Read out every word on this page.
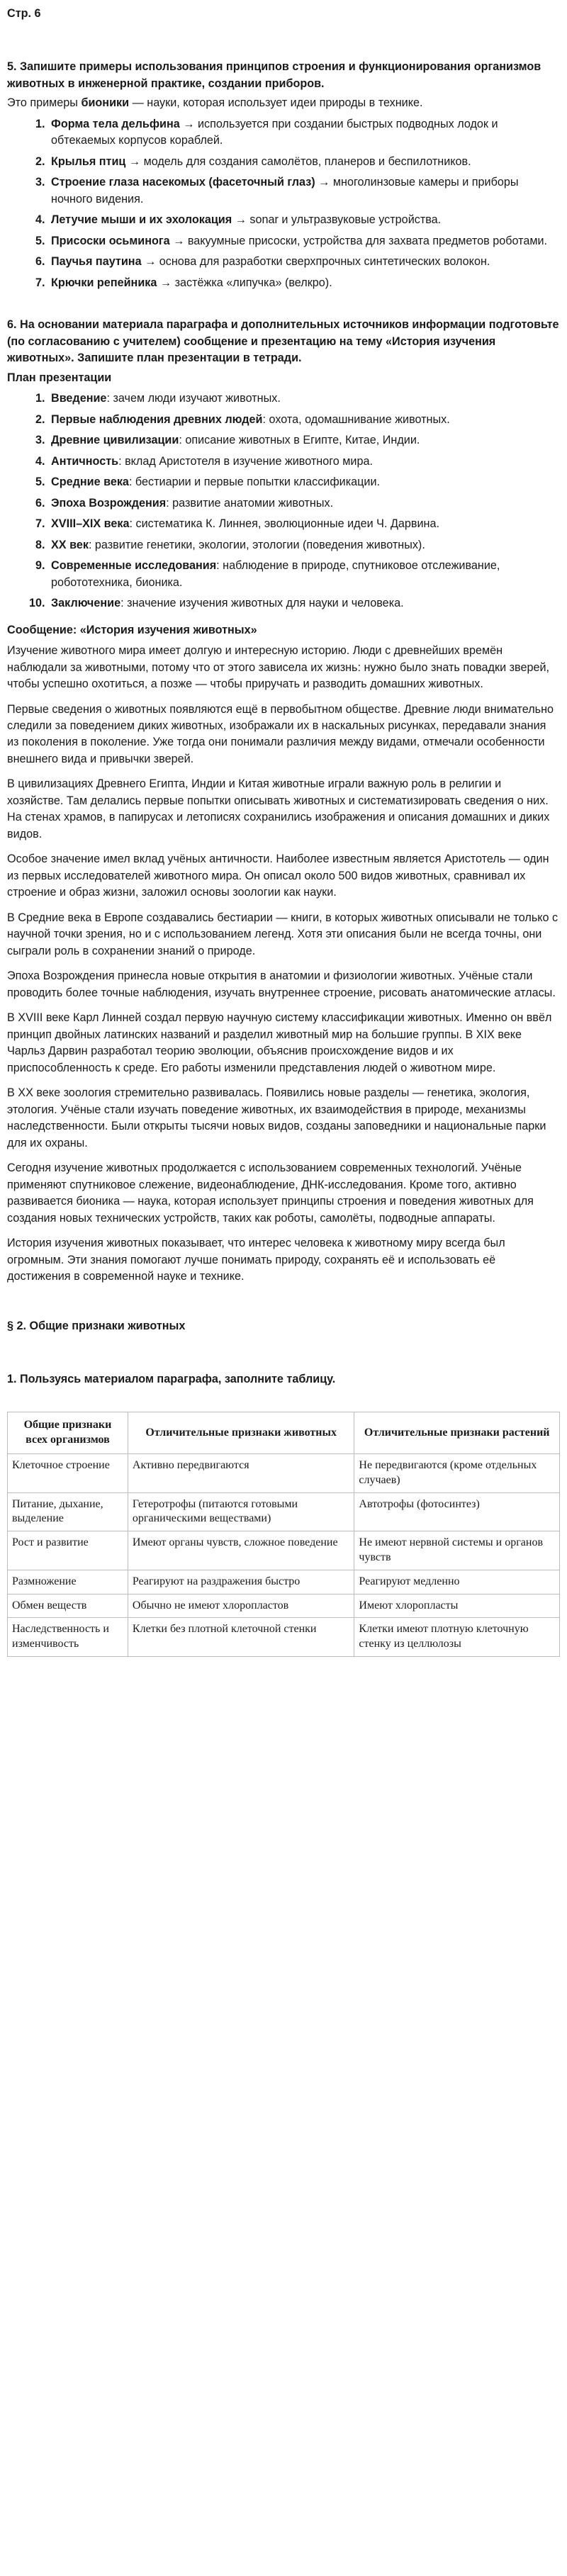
Стр. 6
5. Запишите примеры использования принципов строения и функционирования организмов животных в инженерной практике, создании приборов.

Это примеры бионики — науки, которая использует идеи природы в технике.

1. Форма тела дельфина → используется при создании быстрых подводных лодок и обтекаемых корпусов кораблей.
2. Крылья птиц → модель для создания самолётов, планеров и беспилотников.
3. Строение глаза насекомых (фасеточный глаз) → многолинзовые камеры и приборы ночного видения.
4. Летучие мыши и их эхолокация → sonar и ультразвуковые устройства.
5. Присоски осьминога → вакуумные присоски, устройства для захвата предметов роботами.
6. Паучья паутина → основа для разработки сверхпрочных синтетических волокон.
7. Крючки репейника → застёжка «липучка» (велкро).
6. На основании материала параграфа и дополнительных источников информации подготовьте (по согласованию с учителем) сообщение и презентацию на тему «История изучения животных». Запишите план презентации в тетради.
План презентации
1. Введение: зачем люди изучают животных.
2. Первые наблюдения древних людей: охота, одомашнивание животных.
3. Древние цивилизации: описание животных в Египте, Китае, Индии.
4. Античность: вклад Аристотеля в изучение животного мира.
5. Средние века: бестиарии и первые попытки классификации.
6. Эпоха Возрождения: развитие анатомии животных.
7. XVIII–XIX века: систематика К. Линнея, эволюционные идеи Ч. Дарвина.
8. XX век: развитие генетики, экологии, этологии (поведения животных).
9. Современные исследования: наблюдение в природе, спутниковое отслеживание, робототехника, бионика.
10. Заключение: значение изучения животных для науки и человека.
Сообщение: «История изучения животных»

Изучение животного мира имеет долгую и интересную историю. Люди с древнейших времён наблюдали за животными, потому что от этого зависела их жизнь: нужно было знать повадки зверей, чтобы успешно охотиться, а позже — чтобы приручать и разводить домашних животных.

Первые сведения о животных появляются ещё в первобытном обществе. Древние люди внимательно следили за поведением диких животных, изображали их в наскальных рисунках, передавали знания из поколения в поколение. Уже тогда они понимали различия между видами, отмечали особенности внешнего вида и привычки зверей.

В цивилизациях Древнего Египта, Индии и Китая животные играли важную роль в религии и хозяйстве. Там делались первые попытки описывать животных и систематизировать сведения о них. На стенах храмов, в папирусах и летописях сохранились изображения и описания домашних и диких видов.

Особое значение имел вклад учёных античности. Наиболее известным является Аристотель — один из первых исследователей животного мира. Он описал около 500 видов животных, сравнивал их строение и образ жизни, заложил основы зоологии как науки.

В Средние века в Европе создавались бестиарии — книги, в которых животных описывали не только с научной точки зрения, но и с использованием легенд. Хотя эти описания были не всегда точны, они сыграли роль в сохранении знаний о природе.

Эпоха Возрождения принесла новые открытия в анатомии и физиологии животных. Учёные стали проводить более точные наблюдения, изучать внутреннее строение, рисовать анатомические атласы.

В XVIII веке Карл Линней создал первую научную систему классификации животных. Именно он ввёл принцип двойных латинских названий и разделил животный мир на большие группы. В XIX веке Чарльз Дарвин разработал теорию эволюции, объяснив происхождение видов и их приспособленность к среде. Его работы изменили представления людей о животном мире.

В XX веке зоология стремительно развивалась. Появились новые разделы — генетика, экология, этология. Учёные стали изучать поведение животных, их взаимодействия в природе, механизмы наследственности. Были открыты тысячи новых видов, созданы заповедники и национальные парки для их охраны.

Сегодня изучение животных продолжается с использованием современных технологий. Учёные применяют спутниковое слежение, видеонаблюдение, ДНК-исследования. Кроме того, активно развивается бионика — наука, которая использует принципы строения и поведения животных для создания новых технических устройств, таких как роботы, самолёты, подводные аппараты.

История изучения животных показывает, что интерес человека к животному миру всегда был огромным. Эти знания помогают лучше понимать природу, сохранять её и использовать её достижения в современной науке и технике.

§ 2. Общие признаки животных
1. Пользуясь материалом параграфа, заполните таблицу.
Общие признаки всех организмов	Отличительные признаки животных	Отличительные признаки растений
Клеточное строение	Активно передвигаются	Не передвигаются (кроме отдельных случаев)
Питание, дыхание, выделение	Гетеротрофы (питаются готовыми органическими веществами)	Автотрофы (фотосинтез)
Рост и развитие	Имеют органы чувств, сложное поведение	Не имеют нервной системы и органов чувств
Размножение	Реагируют на раздражения быстро	Реагируют медленно
Обмен веществ	Обычно не имеют хлоропластов	Имеют хлоропласты
Наследственность и изменчивость	Клетки без плотной клеточной стенки	Клетки имеют плотную клеточную стенку из целлюлозы
